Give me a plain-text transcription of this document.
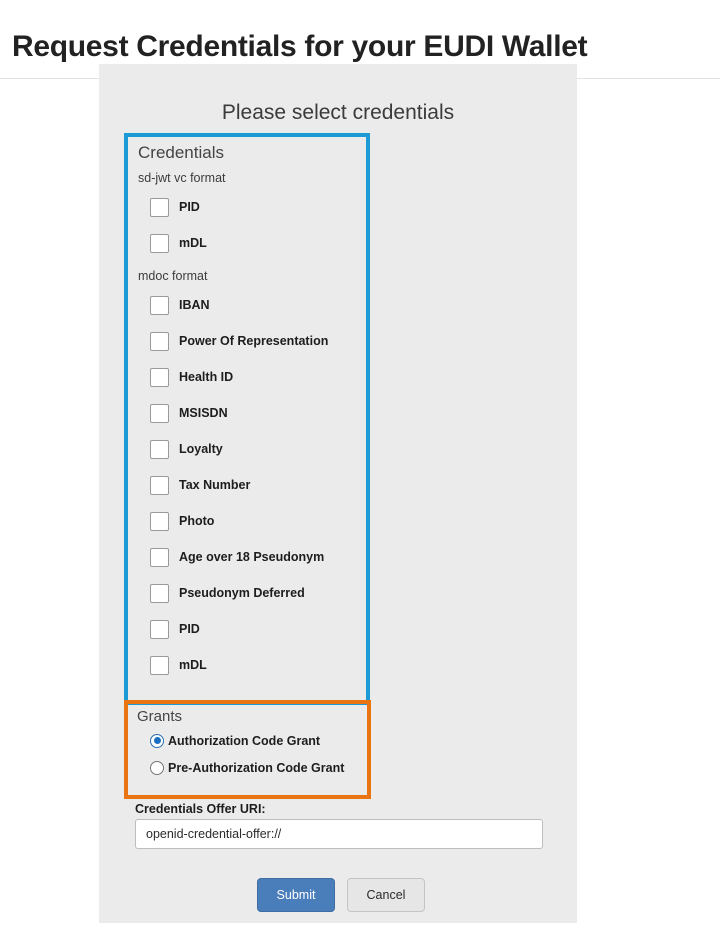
Request Credentials for your EUDI Wallet
Please select credentials
Credentials
sd-jwt vc format
PID
mDL
mdoc format
IBAN
Power Of Representation
Health ID
MSISDN
Loyalty
Tax Number
Photo
Age over 18 Pseudonym
Pseudonym Deferred
PID
mDL
Grants
Authorization Code Grant
Pre-Authorization Code Grant
Credentials Offer URI:
openid-credential-offer://
Submit	Cancel
